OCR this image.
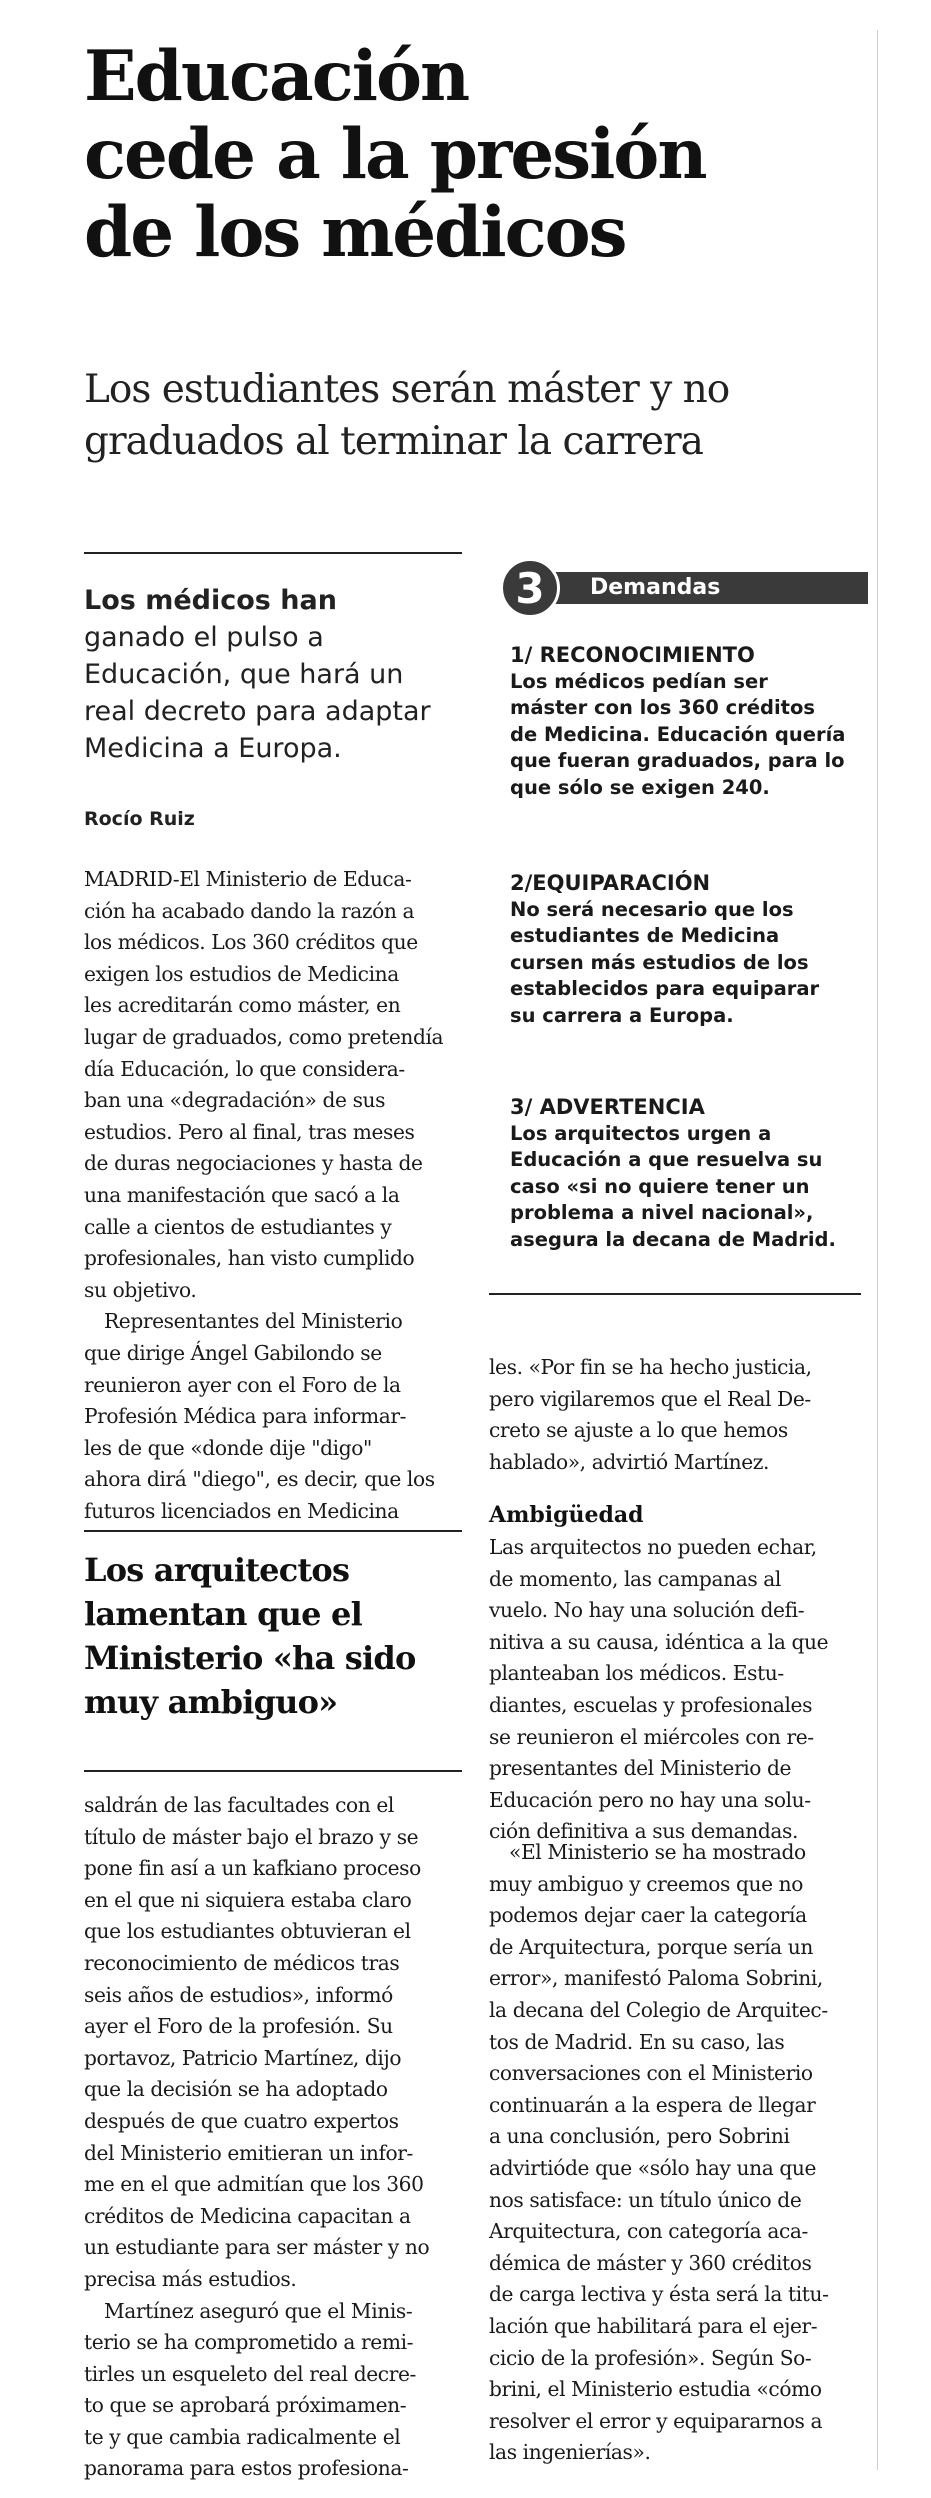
Educación
cede a la presión
de los médicos
Los estudiantes serán máster y no
graduados al terminar la carrera
Los médicos han
ganado el pulso a
Educación, que hará un
real decreto para adaptar
Medicina a Europa.
Rocío Ruiz
MADRID-El Ministerio de Educa-
ción ha acabado dando la razón a
los médicos. Los 360 créditos que
exigen los estudios de Medicina
les acreditarán como máster, en
lugar de graduados, como pretendía
día Educación, lo que considera-
ban una «degradación» de sus
estudios. Pero al final, tras meses
de duras negociaciones y hasta de
una manifestación que sacó a la
calle a cientos de estudiantes y
profesionales, han visto cumplido
su objetivo.
Representantes del Ministerio
que dirige Ángel Gabilondo se
reunieron ayer con el Foro de la
Profesión Médica para informar-
les de que «donde dije "digo"
ahora dirá "diego", es decir, que los
futuros licenciados en Medicina
Los arquitectos
lamentan que el
Ministerio «ha sido
muy ambiguo»
saldrán de las facultades con el
título de máster bajo el brazo y se
pone fin así a un kafkiano proceso
en el que ni siquiera estaba claro
que los estudiantes obtuvieran el
reconocimiento de médicos tras
seis años de estudios», informó
ayer el Foro de la profesión. Su
portavoz, Patricio Martínez, dijo
que la decisión se ha adoptado
después de que cuatro expertos
del Ministerio emitieran un infor-
me en el que admitían que los 360
créditos de Medicina capacitan a
un estudiante para ser máster y no
precisa más estudios.
Martínez aseguró que el Minis-
terio se ha comprometido a remi-
tirles un esqueleto del real decre-
to que se aprobará próximamen-
te y que cambia radicalmente el
panorama para estos profesiona-
Demandas
3
1/ RECONOCIMIENTO
Los médicos pedían ser
máster con los 360 créditos
de Medicina. Educación quería
que fueran graduados, para lo
que sólo se exigen 240.
2/EQUIPARACIÓN
No será necesario que los
estudiantes de Medicina
cursen más estudios de los
establecidos para equiparar
su carrera a Europa.
3/ ADVERTENCIA
Los arquitectos urgen a
Educación a que resuelva su
caso «si no quiere tener un
problema a nivel nacional»,
asegura la decana de Madrid.
les. «Por fin se ha hecho justicia,
pero vigilaremos que el Real De-
creto se ajuste a lo que hemos
hablado», advirtió Martínez.
Ambigüedad
Las arquitectos no pueden echar,
de momento, las campanas al
vuelo. No hay una solución defi-
nitiva a su causa, idéntica a la que
planteaban los médicos. Estu-
diantes, escuelas y profesionales
se reunieron el miércoles con re-
presentantes del Ministerio de
Educación pero no hay una solu-
ción definitiva a sus demandas.
«El Ministerio se ha mostrado
muy ambiguo y creemos que no
podemos dejar caer la categoría
de Arquitectura, porque sería un
error», manifestó Paloma Sobrini,
la decana del Colegio de Arquitec-
tos de Madrid. En su caso, las
conversaciones con el Ministerio
continuarán a la espera de llegar
a una conclusión, pero Sobrini
advirtióde que «sólo hay una que
nos satisface: un título único de
Arquitectura, con categoría aca-
démica de máster y 360 créditos
de carga lectiva y ésta será la titu-
lación que habilitará para el ejer-
cicio de la profesión». Según So-
brini, el Ministerio estudia «cómo
resolver el error y equipararnos a
las ingenierías».
